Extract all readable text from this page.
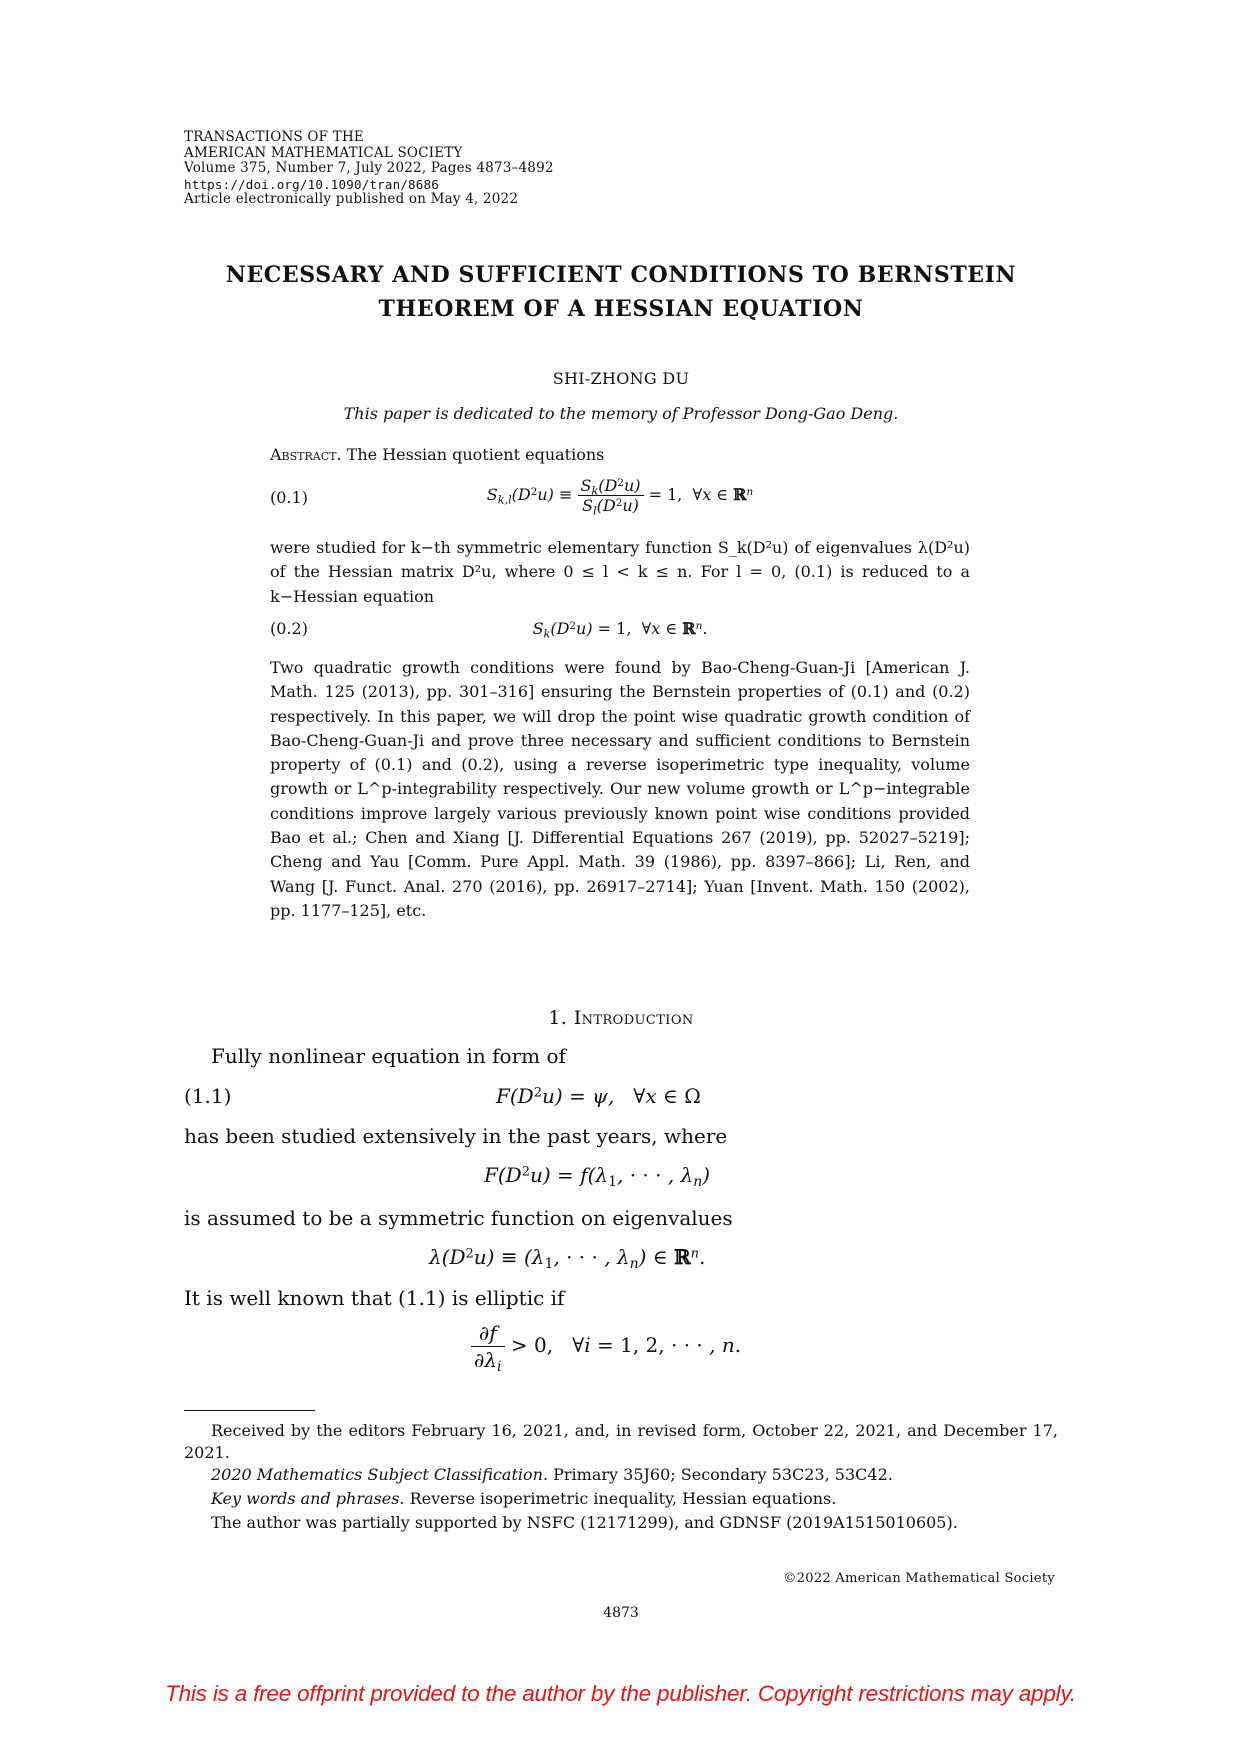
TRANSACTIONS OF THE
AMERICAN MATHEMATICAL SOCIETY
Volume 375, Number 7, July 2022, Pages 4873–4892
https://doi.org/10.1090/tran/8686
Article electronically published on May 4, 2022
NECESSARY AND SUFFICIENT CONDITIONS TO BERNSTEIN
THEOREM OF A HESSIAN EQUATION
SHI-ZHONG DU
This paper is dedicated to the memory of Professor Dong-Gao Deng.
Abstract. The Hessian quotient equations
(0.1)	$S_{k,l}(D^2u) \equiv \frac{S_k(D^2u)}{S_l(D^2u)} = 1$, ∀x ∈ ℝ$^n$
were studied for k−th symmetric elementary function S_k(D²u) of eigenvalues λ(D²u) of the Hessian matrix D²u, where 0 ≤ l < k ≤ n. For l = 0, (0.1) is reduced to a k−Hessian equation
(0.2)	$S_k(D^2u) = 1$, ∀x ∈ ℝ$^n$.
Two quadratic growth conditions were found by Bao-Cheng-Guan-Ji [American J. Math. 125 (2013), pp. 301–316] ensuring the Bernstein properties of (0.1) and (0.2) respectively. In this paper, we will drop the point wise quadratic growth condition of Bao-Cheng-Guan-Ji and prove three necessary and sufficient conditions to Bernstein property of (0.1) and (0.2), using a reverse isoperimetric type inequality, volume growth or L^p-integrability respectively. Our new volume growth or L^p−integrable conditions improve largely various previously known point wise conditions provided Bao et al.; Chen and Xiang [J. Differential Equations 267 (2019), pp. 52027–5219]; Cheng and Yau [Comm. Pure Appl. Math. 39 (1986), pp. 8397–866]; Li, Ren, and Wang [J. Funct. Anal. 270 (2016), pp. 26917–2714]; Yuan [Invent. Math. 150 (2002), pp. 1177–125], etc.
1. Introduction
Fully nonlinear equation in form of
(1.1)	$F(D^2u) = \psi$,   ∀x ∈ Ω
has been studied extensively in the past years, where
$F(D^2u) = f(\lambda_1$, · · · , $\lambda_n$)
is assumed to be a symmetric function on eigenvalues
$\lambda(D^2u) \equiv (\lambda_1$, · · · , $\lambda_n$) ∈ ℝ$^n$.
It is well known that (1.1) is elliptic if
$\frac{\partial f}{\partial\lambda_i} > 0$, ∀i = 1, 2, · · · , n.
Received by the editors February 16, 2021, and, in revised form, October 22, 2021, and December 17, 2021.
2020 Mathematics Subject Classification. Primary 35J60; Secondary 53C23, 53C42.
Key words and phrases. Reverse isoperimetric inequality, Hessian equations.
The author was partially supported by NSFC (12171299), and GDNSF (2019A1515010605).
©2022 American Mathematical Society
4873
This is a free offprint provided to the author by the publisher. Copyright restrictions may apply.
